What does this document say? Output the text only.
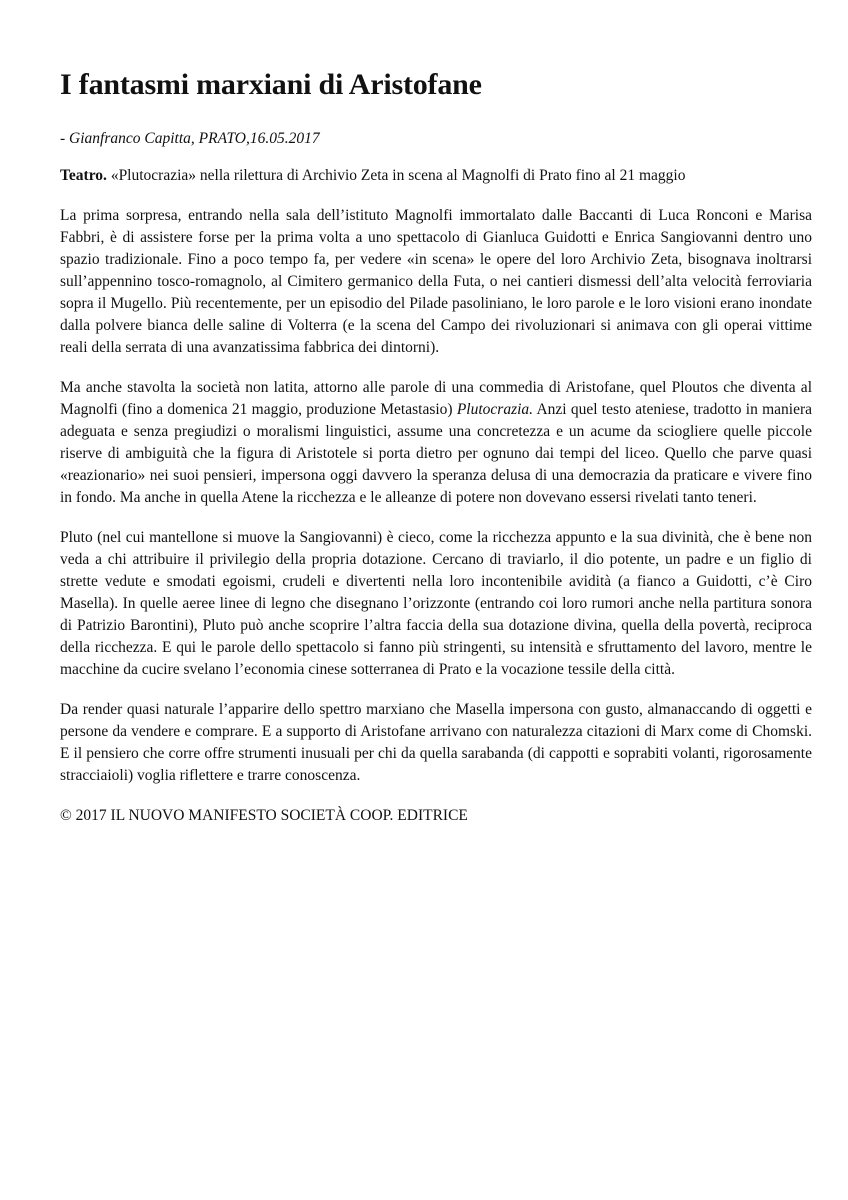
I fantasmi marxiani di Aristofane

- Gianfranco Capitta, PRATO,16.05.2017

Teatro. «Plutocrazia» nella rilettura di Archivio Zeta in scena al Magnolfi di Prato fino al 21 maggio

La prima sorpresa, entrando nella sala dell’istituto Magnolfi immortalato dalle Baccanti di Luca Ronconi e Marisa Fabbri, è di assistere forse per la prima volta a uno spettacolo di Gianluca Guidotti e Enrica Sangiovanni dentro uno spazio tradizionale. Fino a poco tempo fa, per vedere «in scena» le opere del loro Archivio Zeta, bisognava inoltrarsi sull’appennino tosco-romagnolo, al Cimitero germanico della Futa, o nei cantieri dismessi dell’alta velocità ferroviaria sopra il Mugello. Più recentemente, per un episodio del Pilade pasoliniano, le loro parole e le loro visioni erano inondate dalla polvere bianca delle saline di Volterra (e la scena del Campo dei rivoluzionari si animava con gli operai vittime reali della serrata di una avanzatissima fabbrica dei dintorni).

Ma anche stavolta la società non latita, attorno alle parole di una commedia di Aristofane, quel Ploutos che diventa al Magnolfi (fino a domenica 21 maggio, produzione Metastasio) Plutocrazia. Anzi quel testo ateniese, tradotto in maniera adeguata e senza pregiudizi o moralismi linguistici, assume una concretezza e un acume da sciogliere quelle piccole riserve di ambiguità che la figura di Aristotele si porta dietro per ognuno dai tempi del liceo. Quello che parve quasi «reazionario» nei suoi pensieri, impersona oggi davvero la speranza delusa di una democrazia da praticare e vivere fino in fondo. Ma anche in quella Atene la ricchezza e le alleanze di potere non dovevano essersi rivelati tanto teneri.

Pluto (nel cui mantellone si muove la Sangiovanni) è cieco, come la ricchezza appunto e la sua divinità, che è bene non veda a chi attribuire il privilegio della propria dotazione. Cercano di traviarlo, il dio potente, un padre e un figlio di strette vedute e smodati egoismi, crudeli e divertenti nella loro incontenibile avidità (a fianco a Guidotti, c’è Ciro Masella). In quelle aeree linee di legno che disegnano l’orizzonte (entrando coi loro rumori anche nella partitura sonora di Patrizio Barontini), Pluto può anche scoprire l’altra faccia della sua dotazione divina, quella della povertà, reciproca della ricchezza. E qui le parole dello spettacolo si fanno più stringenti, su intensità e sfruttamento del lavoro, mentre le macchine da cucire svelano l’economia cinese sotterranea di Prato e la vocazione tessile della città.

Da render quasi naturale l’apparire dello spettro marxiano che Masella impersona con gusto, almanaccando di oggetti e persone da vendere e comprare. E a supporto di Aristofane arrivano con naturalezza citazioni di Marx come di Chomski. E il pensiero che corre offre strumenti inusuali per chi da quella sarabanda (di cappotti e soprabiti volanti, rigorosamente stracciaioli) voglia riflettere e trarre conoscenza.

© 2017 IL NUOVO MANIFESTO SOCIETÀ COOP. EDITRICE
